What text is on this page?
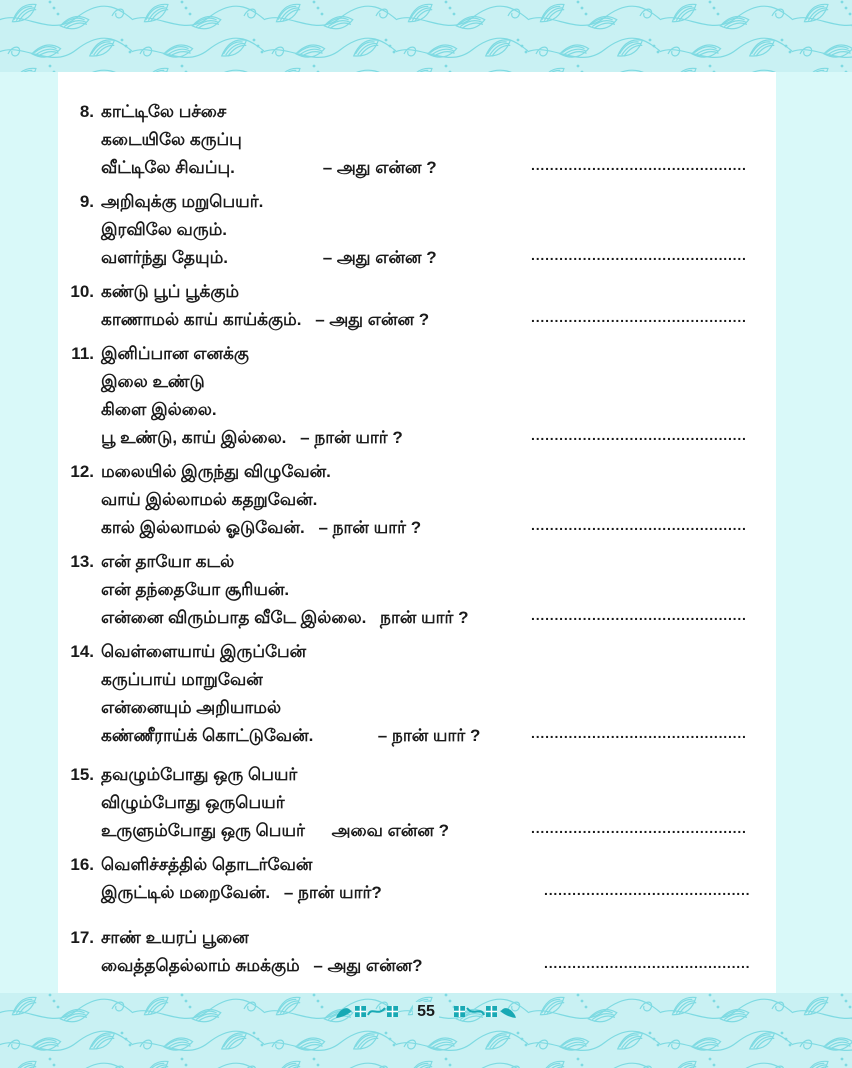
8. காட்டிலே பச்சை
கடையிலே கருப்பு
வீட்டிலே சிவப்பு.	– அது என்ன ?	..............................................
9. அறிவுக்கு மறுபெயர்.
இரவிலே வரும்.
வளர்ந்து தேயும்.	– அது என்ன ?	..............................................
10. கண்டு பூப் பூக்கும்
காணாமல் காய் காய்க்கும். – அது என்ன ?	..............................................
11. இனிப்பான எனக்கு
இலை உண்டு
கிளை இல்லை.
பூ உண்டு, காய் இல்லை. – நான் யார் ?	..............................................
12. மலையில் இருந்து விழுவேன்.
வாய் இல்லாமல் கதறுவேன்.
கால் இல்லாமல் ஓடுவேன். – நான் யார் ?	..............................................
13. என் தாயோ கடல்
என் தந்தையோ சூரியன்.
என்னை விரும்பாத வீடே இல்லை. நான் யார் ?	..............................................
14. வெள்ளையாய் இருப்பேன்
கருப்பாய் மாறுவேன்
என்னையும் அறியாமல்
கண்ணீராய்க் கொட்டுவேன்.	– நான் யார் ?	..............................................
15. தவழும்போது ஒரு பெயர்
விழும்போது ஒருபெயர்
உருளும்போது ஒரு பெயர் அவை என்ன ?	..............................................
16. வெளிச்சத்தில் தொடர்வேன்
இருட்டில் மறைவேன். – நான் யார்?	............................................
17. சாண் உயரப் பூனை
வைத்ததெல்லாம் சுமக்கும் – அது என்ன?	............................................
55
